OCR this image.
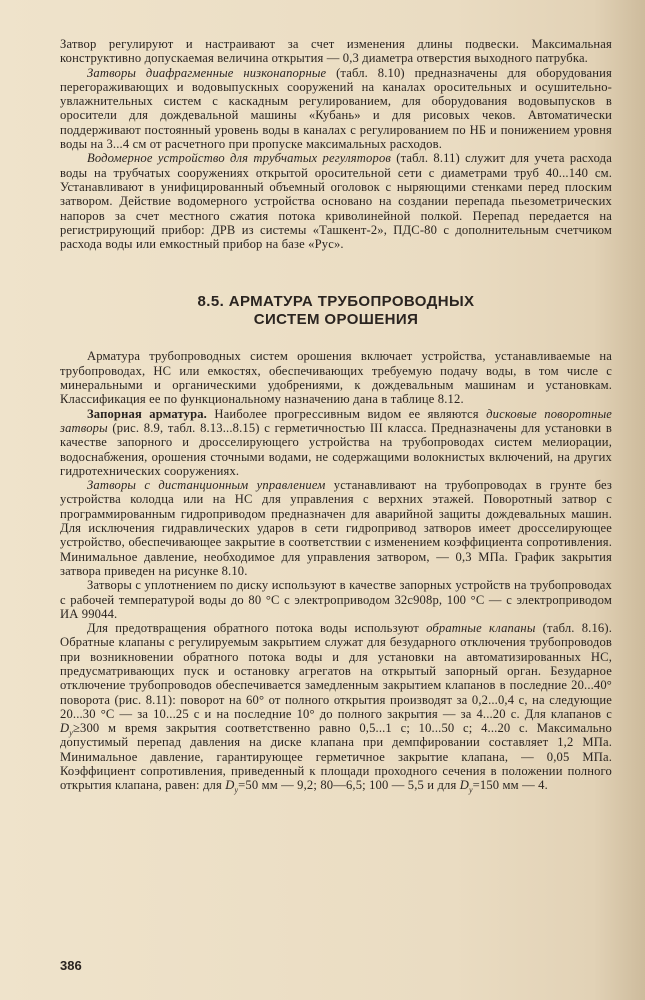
Затвор регулируют и настраивают за счет изменения длины подвески. Максимальная конструктивно допускаемая величина открытия — 0,3 диаметра отверстия выходного патрубка.

Затворы диафрагменные низконапорные (табл. 8.10) предназначены для оборудования перегораживающих и водовыпускных сооружений на каналах оросительных и осушительно-увлажнительных систем с каскадным регулированием, для оборудования водовыпусков в оросители для дождевальной машины «Кубань» и для рисовых чеков. Автоматически поддерживают постоянный уровень воды в каналах с регулированием по НБ и понижением уровня воды на 3...4 см от расчетного при пропуске максимальных расходов.

Водомерное устройство для трубчатых регуляторов (табл. 8.11) служит для учета расхода воды на трубчатых сооружениях открытой оросительной сети с диаметрами труб 40...140 см. Устанавливают в унифицированный объемный оголовок с ныряющими стенками перед плоским затвором. Действие водомерного устройства основано на создании перепада пьезометрических напоров за счет местного сжатия потока криволинейной полкой. Перепад передается на регистрирующий прибор: ДРВ из системы «Ташкент-2», ПДС-80 с дополнительным счетчиком расхода воды или емкостный прибор на базе «Рус».

8.5. АРМАТУРА ТРУБОПРОВОДНЫХ
СИСТЕМ ОРОШЕНИЯ

Арматура трубопроводных систем орошения включает устройства, устанавливаемые на трубопроводах, НС или емкостях, обеспечивающих требуемую подачу воды, в том числе с минеральными и органическими удобрениями, к дождевальным машинам и установкам. Классификация ее по функциональному назначению дана в таблице 8.12.

Запорная арматура. Наиболее прогрессивным видом ее являются дисковые поворотные затворы (рис. 8.9, табл. 8.13...8.15) с герметичностью III класса. Предназначены для установки в качестве запорного и дросселирующего устройства на трубопроводах систем мелиорации, водоснабжения, орошения сточными водами, не содержащими волокнистых включений, на других гидротехнических сооружениях.

Затворы с дистанционным управлением устанавливают на трубопроводах в грунте без устройства колодца или на НС для управления с верхних этажей. Поворотный затвор с программированным гидроприводом предназначен для аварийной защиты дождевальных машин. Для исключения гидравлических ударов в сети гидропривод затворов имеет дросселирующее устройство, обеспечивающее закрытие в соответствии с изменением коэффициента сопротивления. Минимальное давление, необходимое для управления затвором, — 0,3 МПа. График закрытия затвора приведен на рисунке 8.10.

Затворы с уплотнением по диску используют в качестве запорных устройств на трубопроводах с рабочей температурой воды до 80 °С с электроприводом 32с908р, 100 °С — с электроприводом ИА 99044.

Для предотвращения обратного потока воды используют обратные клапаны (табл. 8.16). Обратные клапаны с регулируемым закрытием служат для безударного отключения трубопроводов при возникновении обратного потока воды и для установки на автоматизированных НС, предусматривающих пуск и остановку агрегатов на открытый запорный орган. Безударное отключение трубопроводов обеспечивается замедленным закрытием клапанов в последние 20...40° поворота (рис. 8.11): поворот на 60° от полного открытия производят за 0,2...0,4 с, на следующие 20...30 °С — за 10...25 с и на последние 10° до полного закрытия — за 4...20 с. Для клапанов с $D_y\ge 300$ м время закрытия соответственно равно 0,5...1 с; 10...50 с; 4...20 с. Максимально допустимый перепад давления на диске клапана при демпфировании составляет 1,2 МПа. Минимальное давление, гарантирующее герметичное закрытие клапана, — 0,05 МПа. Коэффициент сопротивления, приведенный к площади проходного сечения в положении полного открытия клапана, равен: для $D_y=50$ мм — 9,2; 80—6,5; 100 — 5,5 и для $D_y=150$ мм — 4.

386
